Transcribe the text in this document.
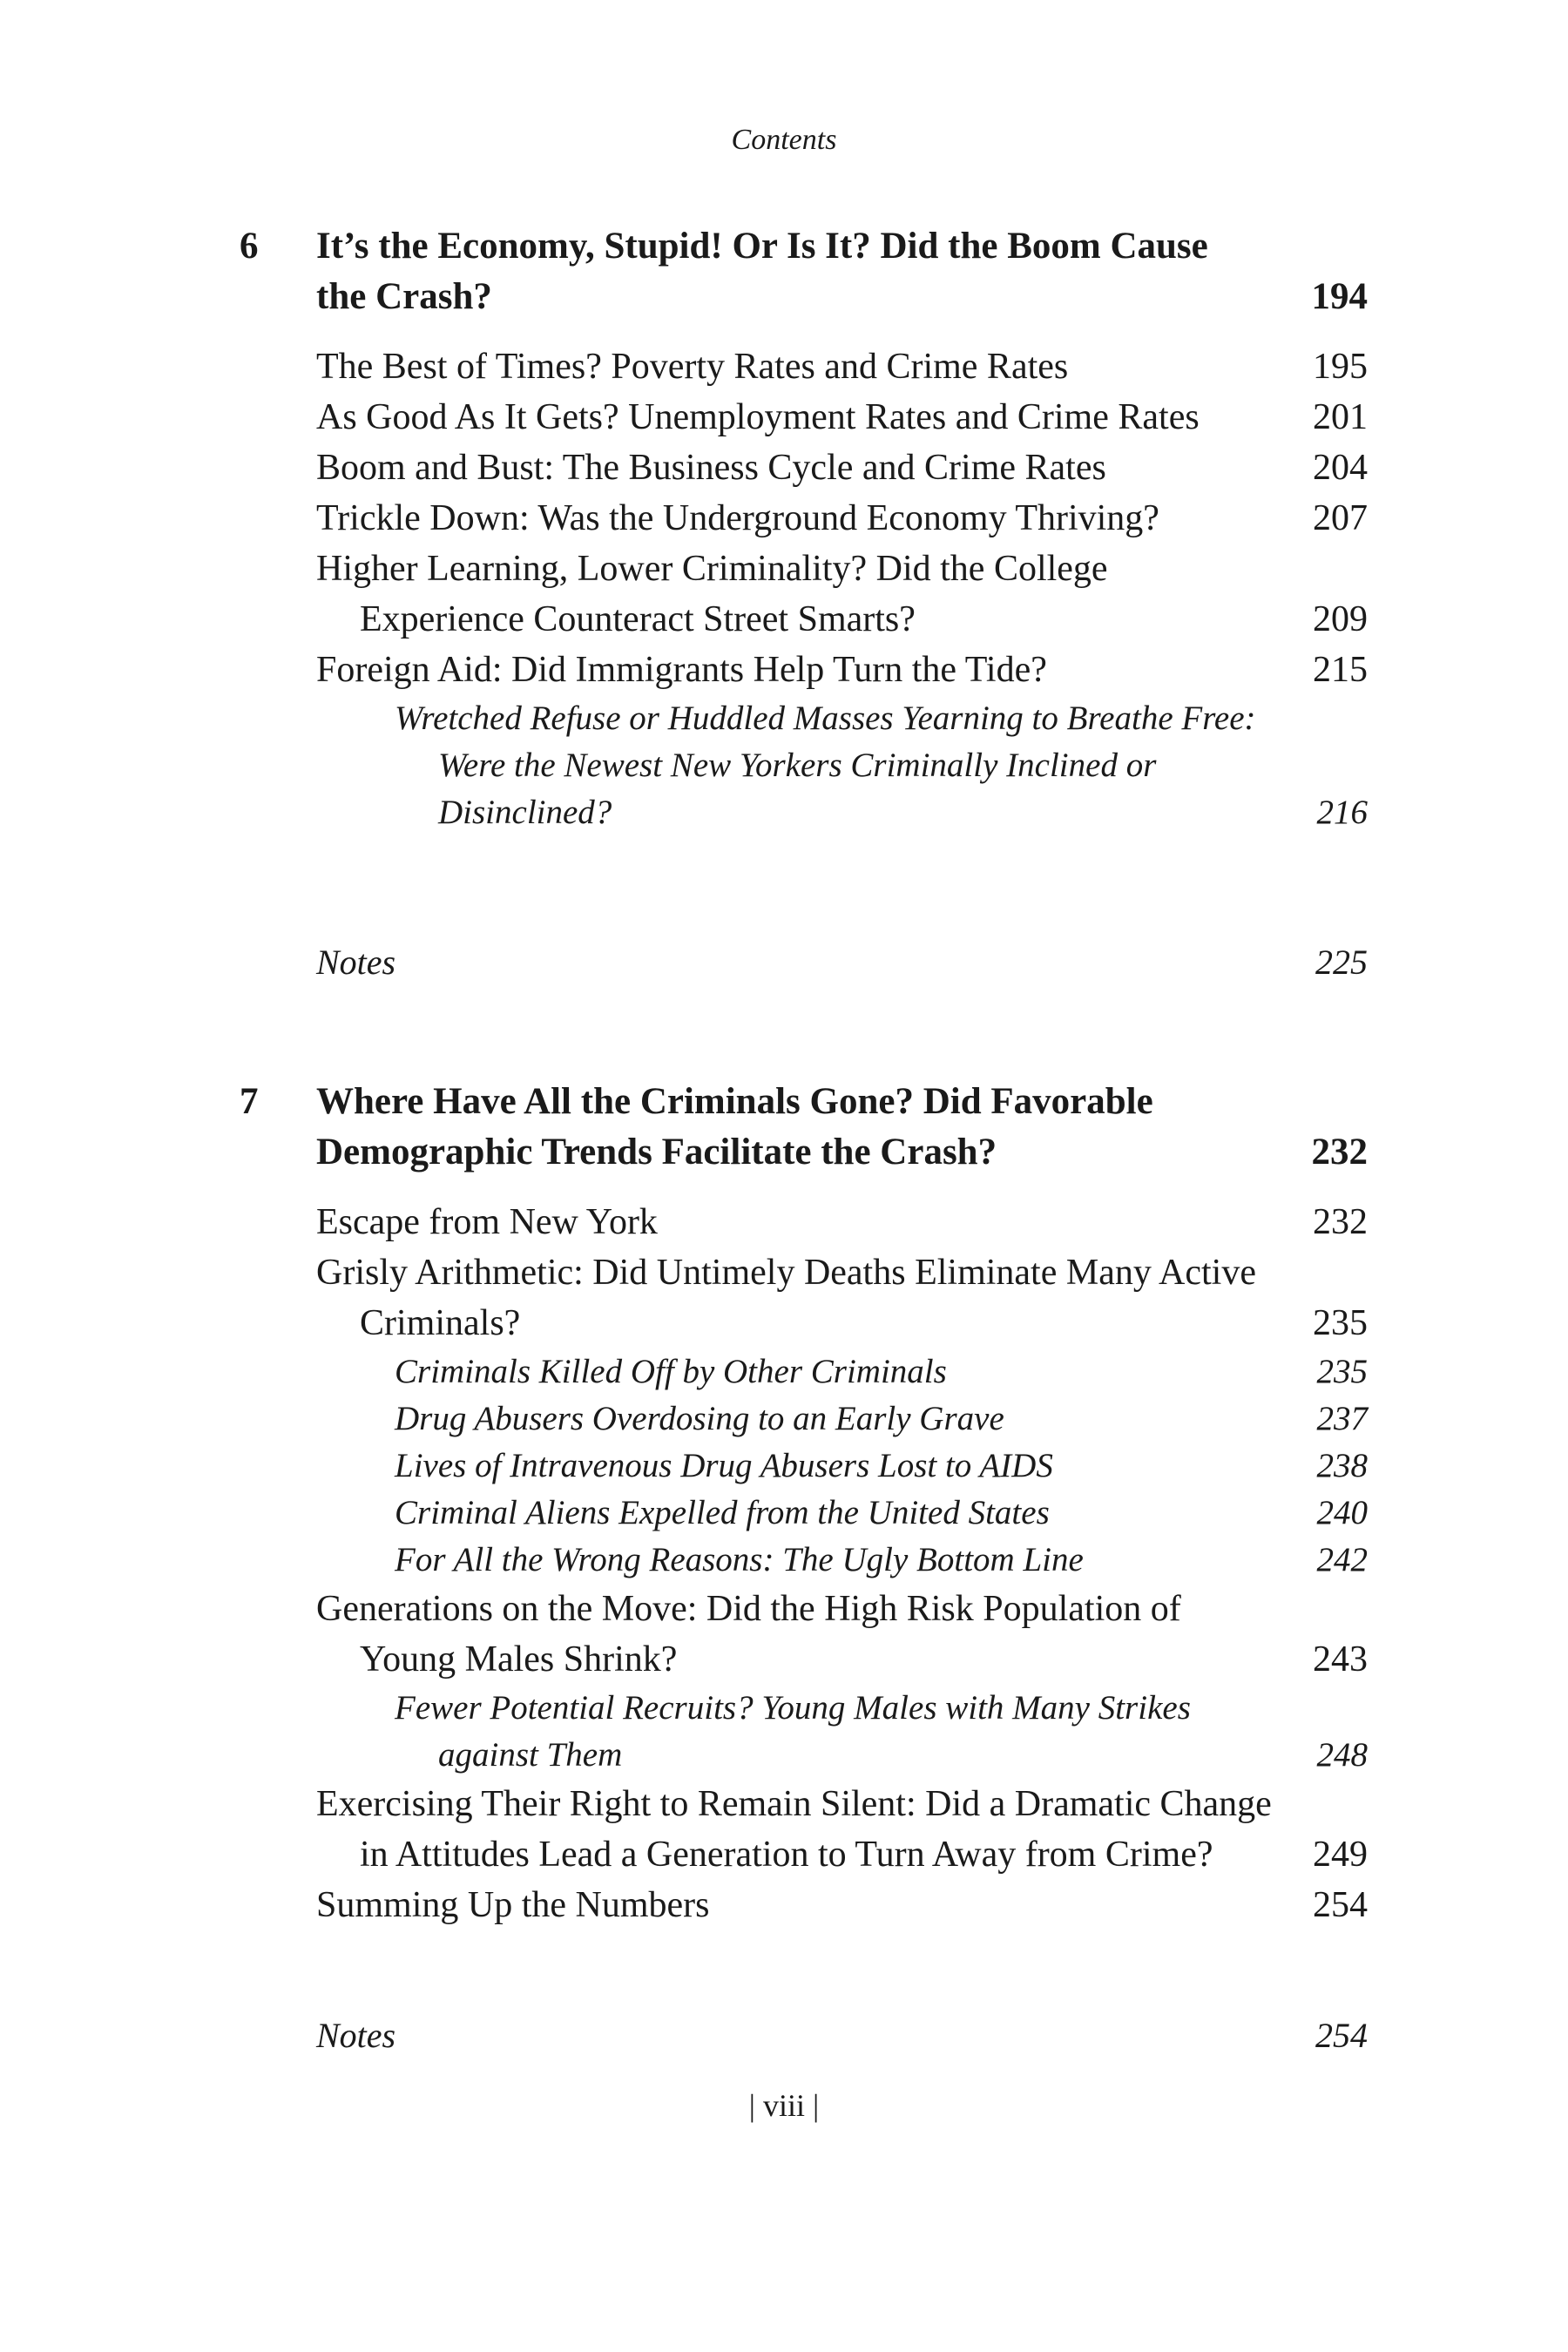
Contents
6 It’s the Economy, Stupid! Or Is It? Did the Boom Cause the Crash?	194
The Best of Times? Poverty Rates and Crime Rates	195
As Good As It Gets? Unemployment Rates and Crime Rates	201
Boom and Bust: The Business Cycle and Crime Rates	204
Trickle Down: Was the Underground Economy Thriving?	207
Higher Learning, Lower Criminality? Did the College Experience Counteract Street Smarts?	209
Foreign Aid: Did Immigrants Help Turn the Tide?	215
Wretched Refuse or Huddled Masses Yearning to Breathe Free: Were the Newest New Yorkers Criminally Inclined or Disinclined?	216
Notes	225
7 Where Have All the Criminals Gone? Did Favorable Demographic Trends Facilitate the Crash?	232
Escape from New York	232
Grisly Arithmetic: Did Untimely Deaths Eliminate Many Active Criminals?	235
Criminals Killed Off by Other Criminals	235
Drug Abusers Overdosing to an Early Grave	237
Lives of Intravenous Drug Abusers Lost to AIDS	238
Criminal Aliens Expelled from the United States	240
For All the Wrong Reasons: The Ugly Bottom Line	242
Generations on the Move: Did the High Risk Population of Young Males Shrink?	243
Fewer Potential Recruits? Young Males with Many Strikes against Them	248
Exercising Their Right to Remain Silent: Did a Dramatic Change in Attitudes Lead a Generation to Turn Away from Crime?	249
Summing Up the Numbers	254
Notes	254
| viii |
